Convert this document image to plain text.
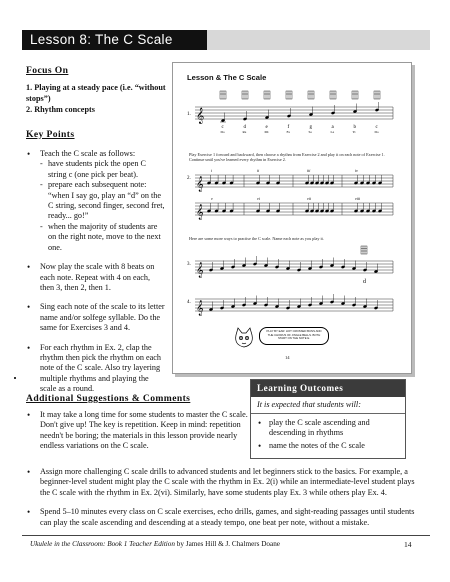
Lesson 8: The C Scale
Focus On
1. Playing at a steady pace (i.e. “without stops”)
2. Rhythm concepts
Key Points
• Teach the C scale as follows:
- have students pick the open C string c (one pick per beat).
- prepare each subsequent note: “when I say go, play an “d” on the C string, second finger, second fret, ready... go!”
- when the majority of students are on the right note, move to the next one.
• Now play the scale with 8 beats on each note. Repeat with 4 on each, then 3, then 2, then 1.
• Sing each note of the scale to its letter name and/or solfege syllable. Do the same for Exercises 3 and 4.
• For each rhythm in Ex. 2, clap the rhythm then pick the rhythm on each note of the C scale. Also try layering multiple rhythms and playing the scale as a round.
Lesson & The C Scale
1. 𝄞
c
Do
d
Re
e
Mi
f
Fa
g
So
a
La
b
Ti
c
Do
Play Exercise 1 forward and backward, then choose a rhythm from Exercise 2 and play it on each note of Exercise 1. Continue until you've learned every rhythm in Exercise 2.
2. 𝄞
𝄞
i	ii	iii	iv
v	vi	vii	viii
Here are some more ways to practise the C scale. Name each note as you play it.
3.
4.
𝄞
𝄞
d
PLAY BY EAR: HOT CROSSED BUNS AND THE CHORUS OF JINGLE BELLS. BOTH START ON THE NOTE E.
14
Additional Suggestions & Comments
• It may take a long time for some students to master the C scale. Don't give up! The key is repetition. Keep in mind: repetition needn't be boring; the materials in this lesson provide nearly endless variations on the C scale.
• Assign more challenging C scale drills to advanced students and let beginners stick to the basics. For example, a beginner-level student might play the C scale with the rhythm in Ex. 2(i) while an intermediate-level student plays the C scale with the rhythm in Ex. 2(vi). Similarly, have some students play Ex. 3 while others play Ex. 4.
• Spend 5–10 minutes every class on C scale exercises, echo drills, games, and sight-reading passages until students can play the scale ascending and descending at a steady tempo, one beat per note, without a mistake.
Learning Outcomes
It is expected that students will:
• play the C scale ascending and descending in rhythms
• name the notes of the C scale
Ukulele in the Classroom: Book 1 Teacher Edition by James Hill & J. Chalmers Doane	14
